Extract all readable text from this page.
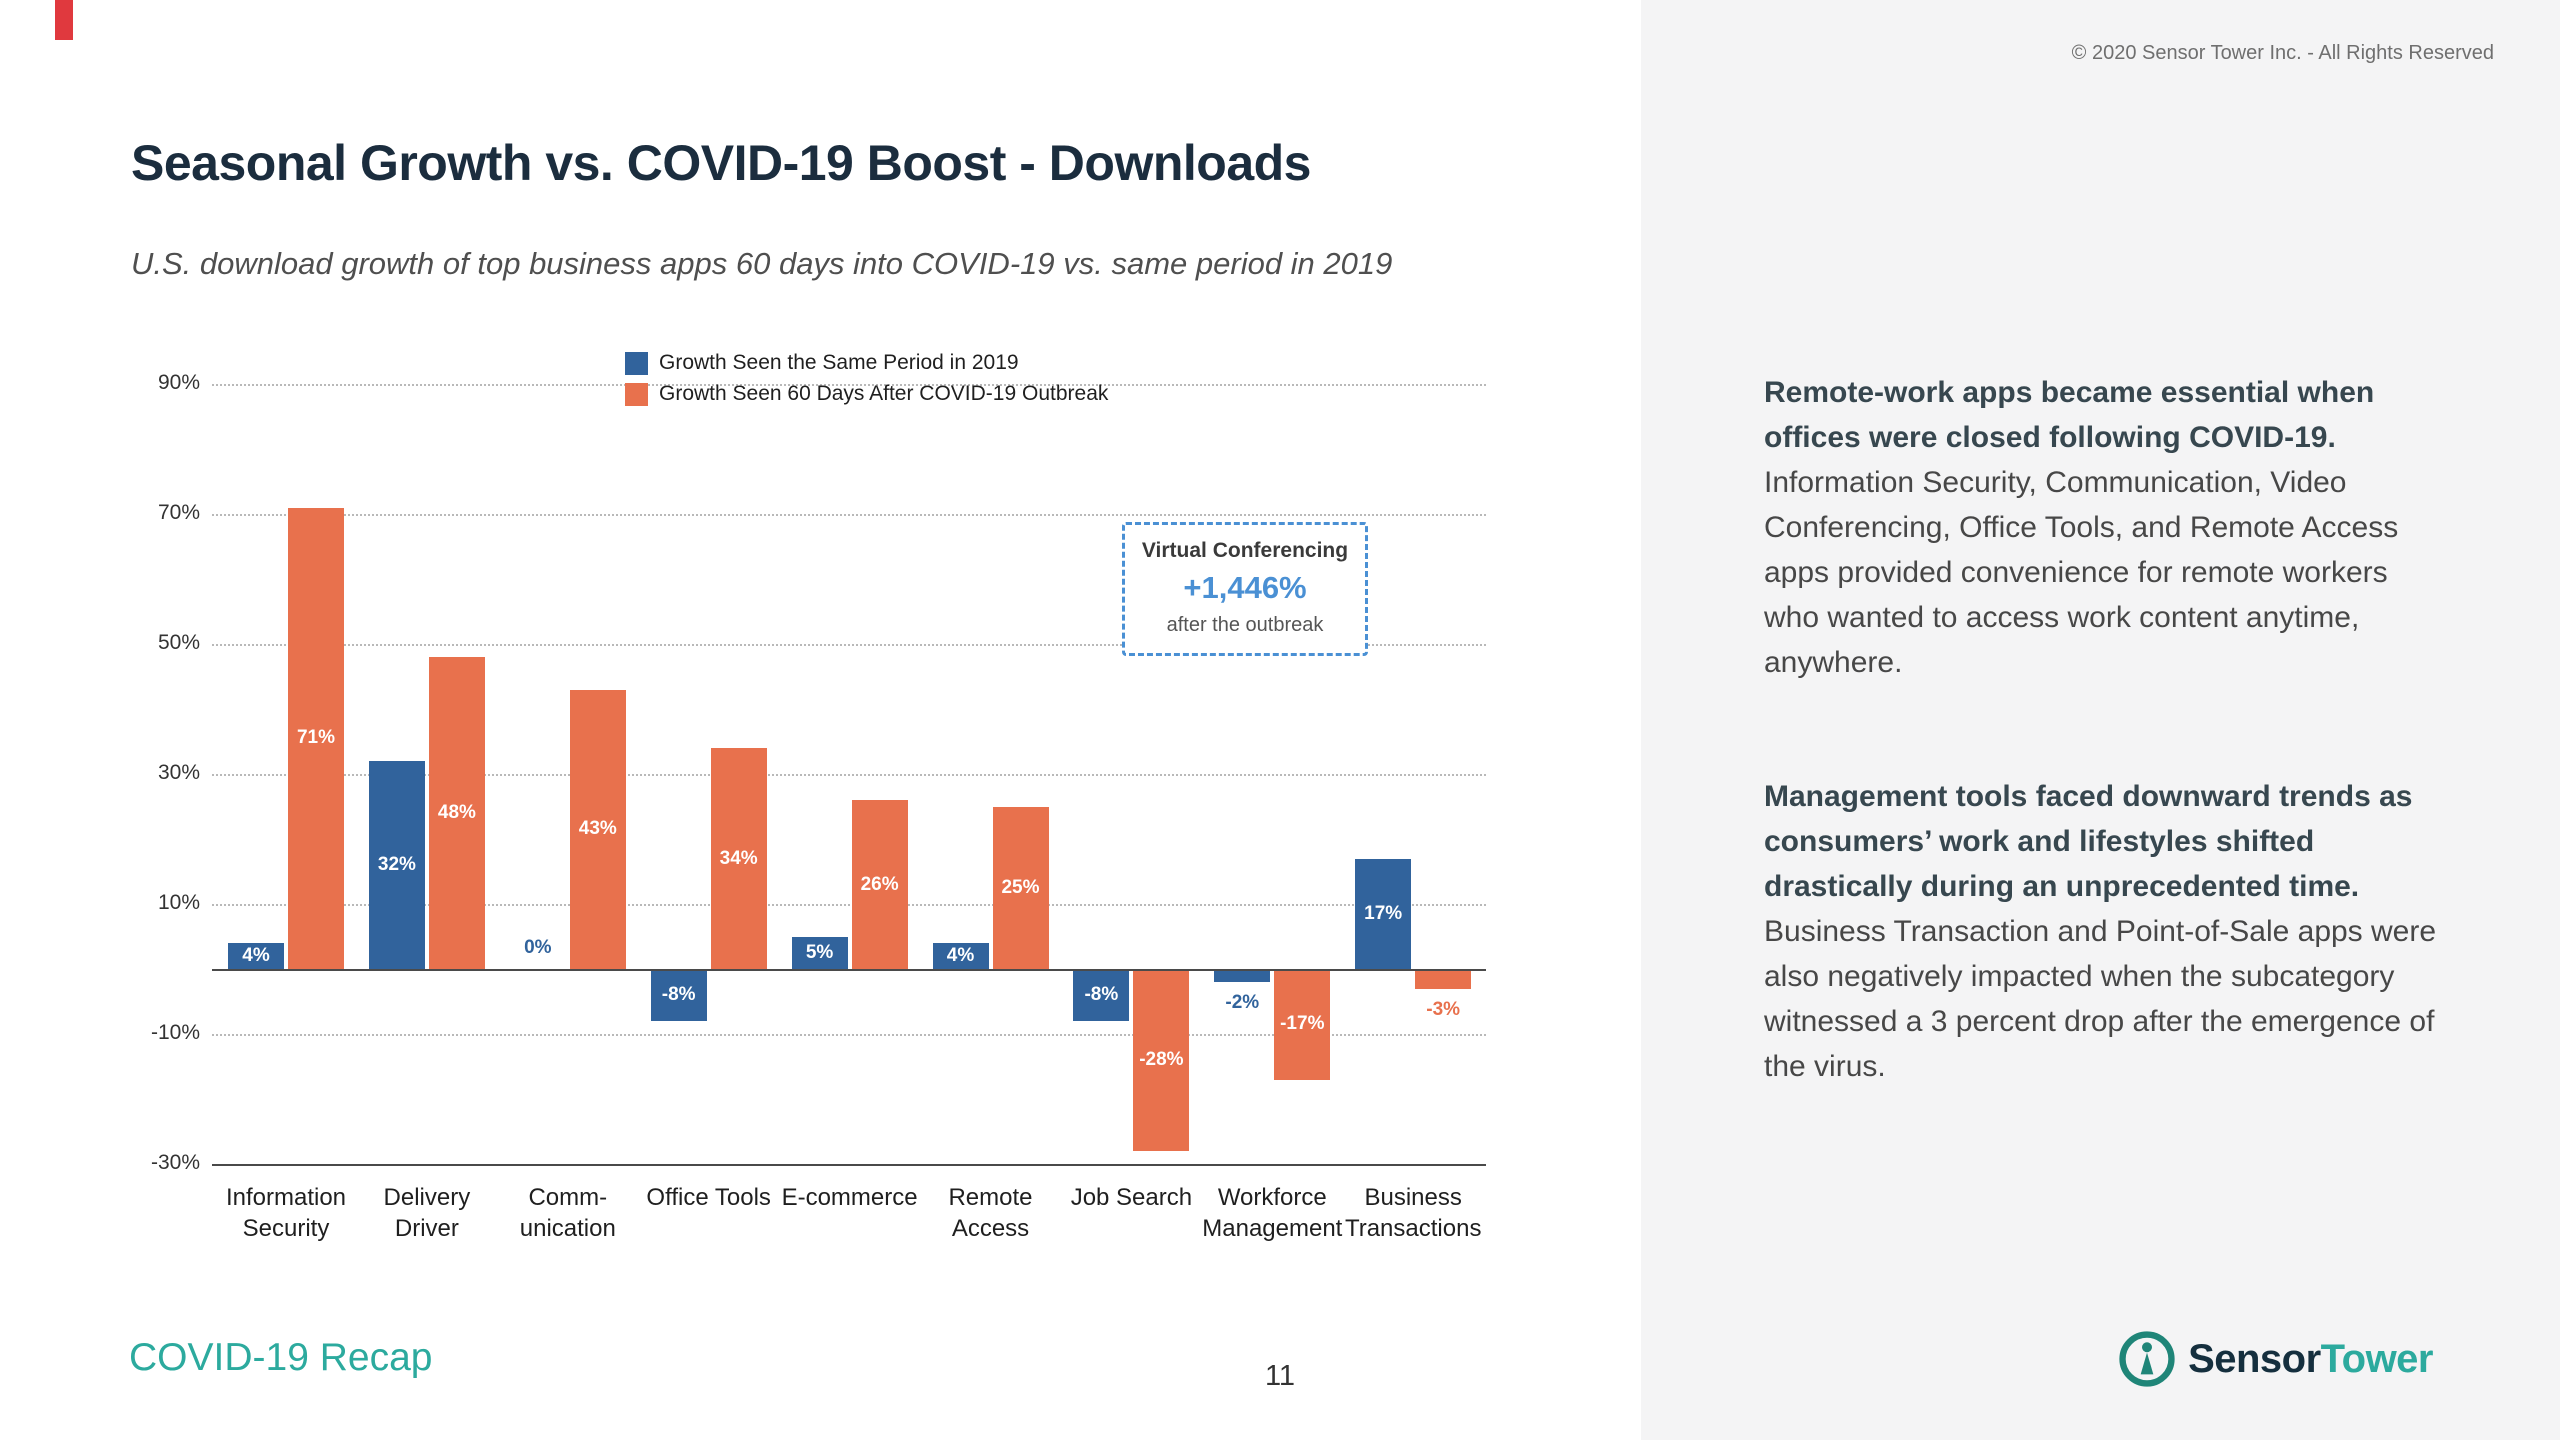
Seasonal Growth vs. COVID-19 Boost - Downloads
U.S. download growth of top business apps 60 days into COVID-19 vs. same period in 2019
Growth Seen the Same Period in 2019
Growth Seen 60 Days After COVID-19 Outbreak
Virtual Conferencing
+1,446%
after the outbreak
90%
70%
50%
30%
10%
-10%
-30%
4%
32%
0%
-8%
5%	4%
-8%	-2%
17%
71%
48%
43%
34%
26%	25%
-28%
-17%
-3%
Information
Security
Delivery
Driver
Comm-
unication
Office Tools E-commerce	Remote
Access
Job Search	Workforce
Management
Business
Transactions
COVID-19 Recap	11
© 2020 Sensor Tower Inc. - All Rights Reserved

Remote-work apps became essential when offices were closed following COVID-19. Information Security, Communication, Video Conferencing, Office Tools, and Remote Access apps provided convenience for remote workers who wanted to access work content anytime, anywhere.

Management tools faced downward trends as consumers’ work and lifestyles shifted drastically during an unprecedented time. Business Transaction and Point-of-Sale apps were also negatively impacted when the subcategory witnessed a 3 percent drop after the emergence of the virus.

SensorTower
